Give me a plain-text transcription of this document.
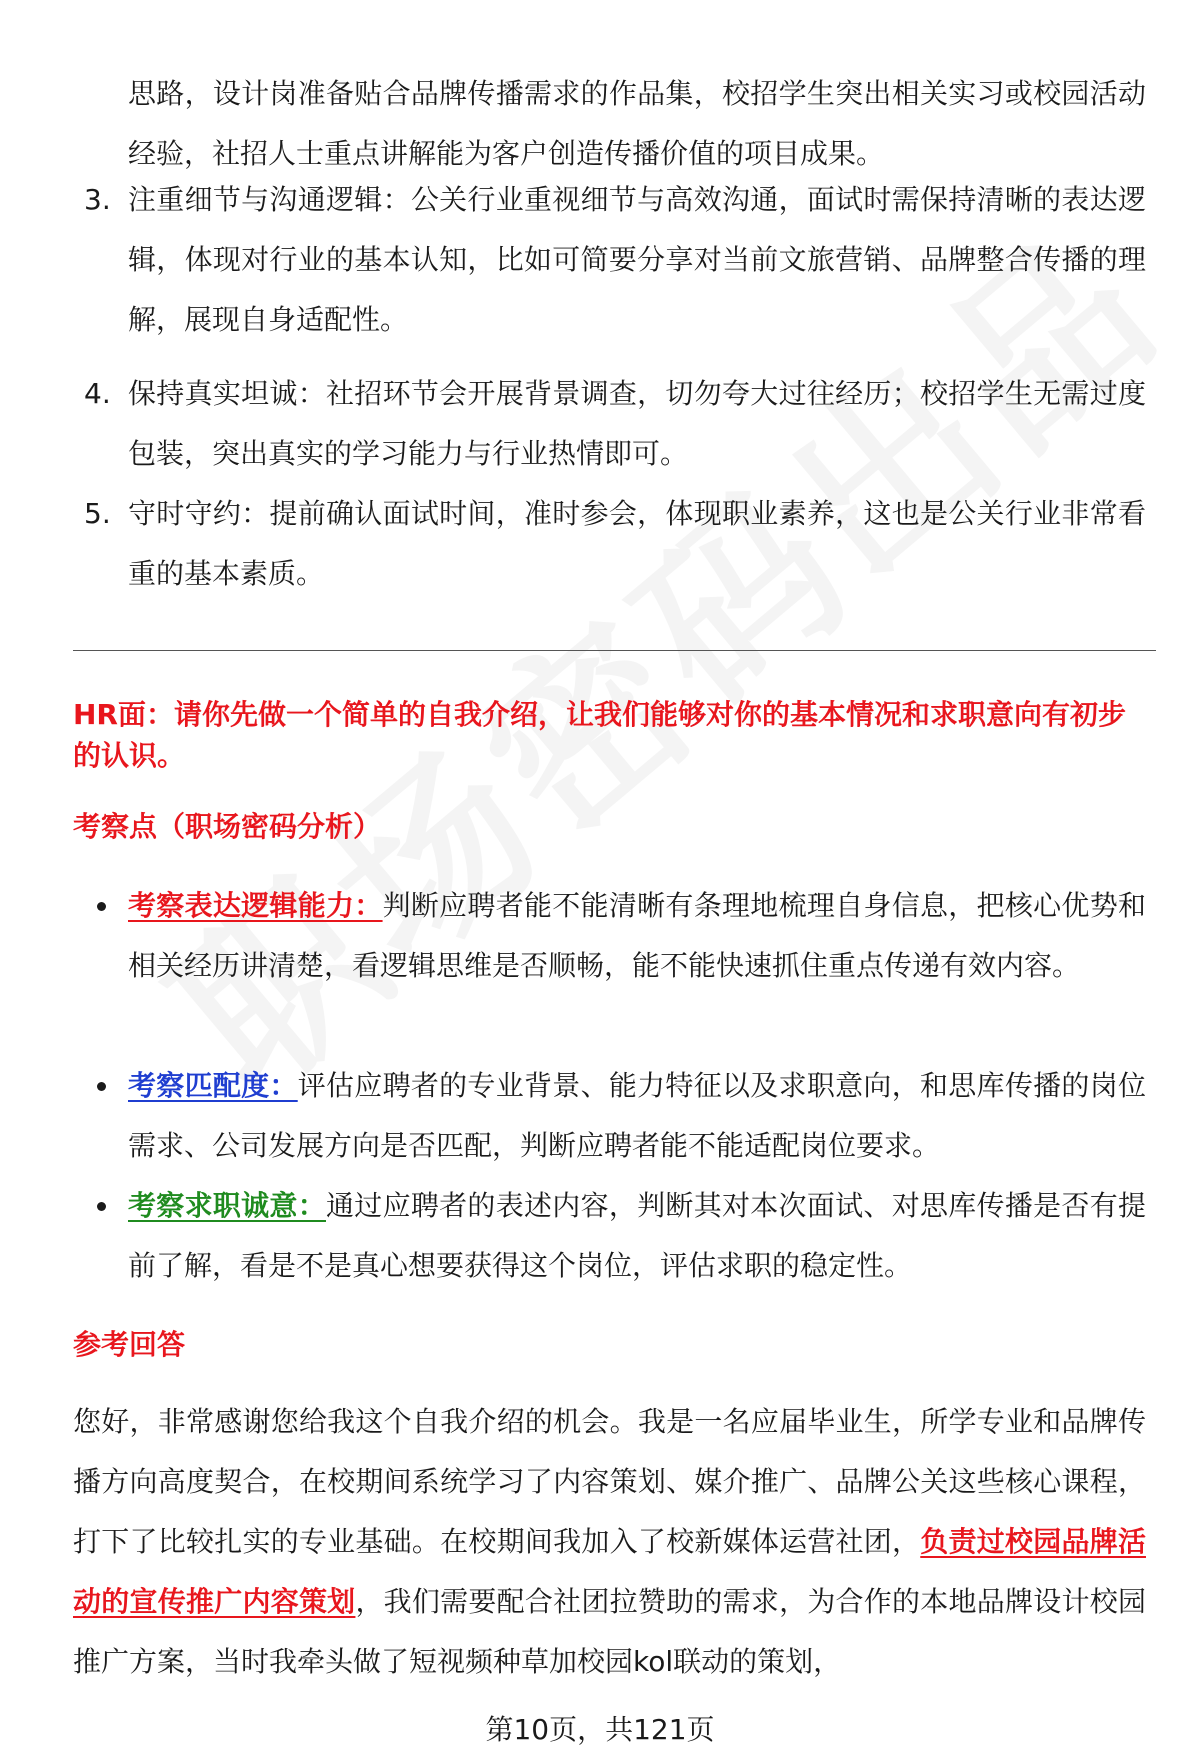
思路，设计岗准备贴合品牌传播需求的作品集，校招学生突出相关实习或校园活动经验，社招人士重点讲解能为客户创造传播价值的项目成果。
3. 注重细节与沟通逻辑：公关行业重视细节与高效沟通，面试时需保持清晰的表达逻辑，体现对行业的基本认知，比如可简要分享对当前文旅营销、品牌整合传播的理解，展现自身适配性。
4. 保持真实坦诚：社招环节会开展背景调查，切勿夸大过往经历；校招学生无需过度包装，突出真实的学习能力与行业热情即可。
5. 守时守约：提前确认面试时间，准时参会，体现职业素养，这也是公关行业非常看重的基本素质。
HR面：请你先做一个简单的自我介绍，让我们能够对你的基本情况和求职意向有初步的认识。
考察点（职场密码分析）
考察表达逻辑能力：判断应聘者能不能清晰有条理地梳理自身信息，把核心优势和相关经历讲清楚，看逻辑思维是否顺畅，能不能快速抓住重点传递有效内容。
考察匹配度：评估应聘者的专业背景、能力特征以及求职意向，和思库传播的岗位需求、公司发展方向是否匹配，判断应聘者能不能适配岗位要求。
考察求职诚意：通过应聘者的表述内容，判断其对本次面试、对思库传播是否有提前了解，看是不是真心想要获得这个岗位，评估求职的稳定性。
参考回答
您好，非常感谢您给我这个自我介绍的机会。我是一名应届毕业生，所学专业和品牌传播方向高度契合，在校期间系统学习了内容策划、媒介推广、品牌公关这些核心课程，打下了比较扎实的专业基础。在校期间我加入了校新媒体运营社团，负责过校园品牌活动的宣传推广内容策划，我们需要配合社团拉赞助的需求，为合作的本地品牌设计校园推广方案，当时我牵头做了短视频种草加校园kol联动的策划，
第10页，共121页
